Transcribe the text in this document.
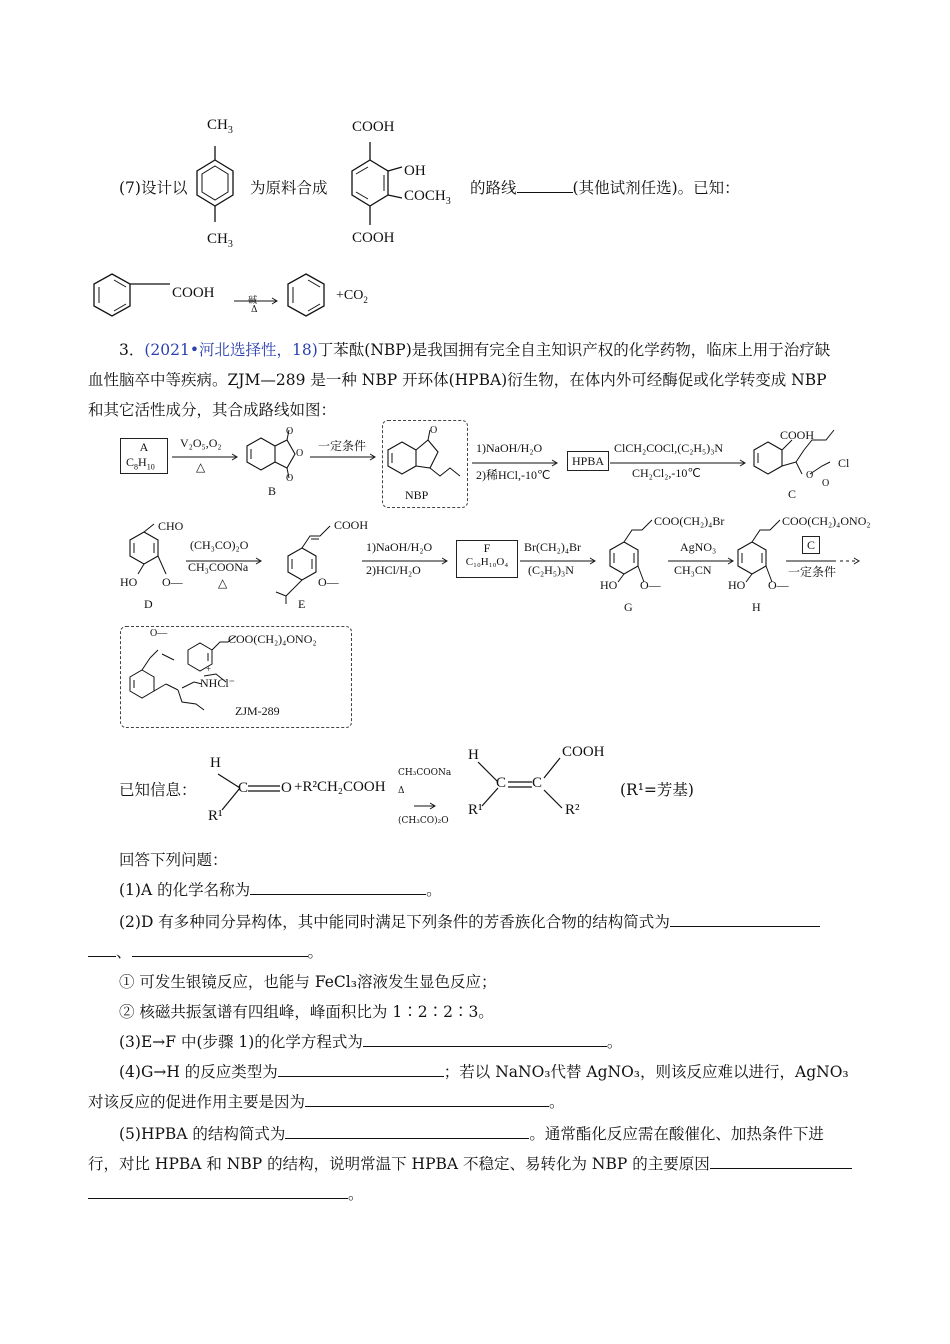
(7)设计以
$CH_3$
$CH_3$
为原料合成
COOH
OH
$COCH_3$
COOH
的路线	(其他试剂任选)。已知：
COOH	碱
Δ
$+CO_2$
3．(2021•河北选择性，18)丁苯酞(NBP)是我国拥有完全自主知识产权的化学药物，临床上用于治疗缺
血性脑卒中等疾病。ZJM—289 是一种 NBP 开环体(HPBA)衍生物，在体内外可经酶促或化学转变成 NBP
和其它活性成分，其合成路线如图：
A
$C_8H_{10}$
V₂O₅,O₂
△
O
O
O
B
一定条件
O
NBP
1)NaOH/H₂O
2)稀HCl,-10℃
HPBA
ClCH₂COCl,(C₂H₅)₃N
CH₂Cl₂,-10℃
COOH
Cl
O
O
C
CHO
HO O—
D
(CH₃CO)₂O
CH₃COONa
△
COOH
O—
E
1)NaOH/H₂O
2)HCl/H₂O
F
C₁₀H₁₀O₄
Br(CH₂)₄Br
(C₂H₅)₃N
COO(CH₂)₄Br
HO O—
G
AgNO₃
CH₃CN
COO(CH₂)₄ONO₂
HO O—
H
C
一定条件
COO(CH₂)₄ONO₂
NHCl⁻
+
O—
ZJM-289
已知信息：
H
C O
R¹
+R²CH₂COOH
CH₃COONa
Δ
(CH₃CO)₂O
H
C C
COOH
R¹	R²
(R¹=芳基)
回答下列问题：
(1)A 的化学名称为	。
(2)D 有多种同分异构体，其中能同时满足下列条件的芳香族化合物的结构简式为
、	。
① 可发生银镜反应，也能与 FeCl₃溶液发生显色反应；
② 核磁共振氢谱有四组峰，峰面积比为 1∶2∶2∶3。
(3)E→F 中(步骤 1)的化学方程式为	。
(4)G→H 的反应类型为	；若以 NaNO₃代替 AgNO₃，则该反应难以进行，AgNO₃
对该反应的促进作用主要是因为	。
(5)HPBA 的结构简式为	。通常酯化反应需在酸催化、加热条件下进
行，对比 HPBA 和 NBP 的结构，说明常温下 HPBA 不稳定、易转化为 NBP 的主要原因
。
